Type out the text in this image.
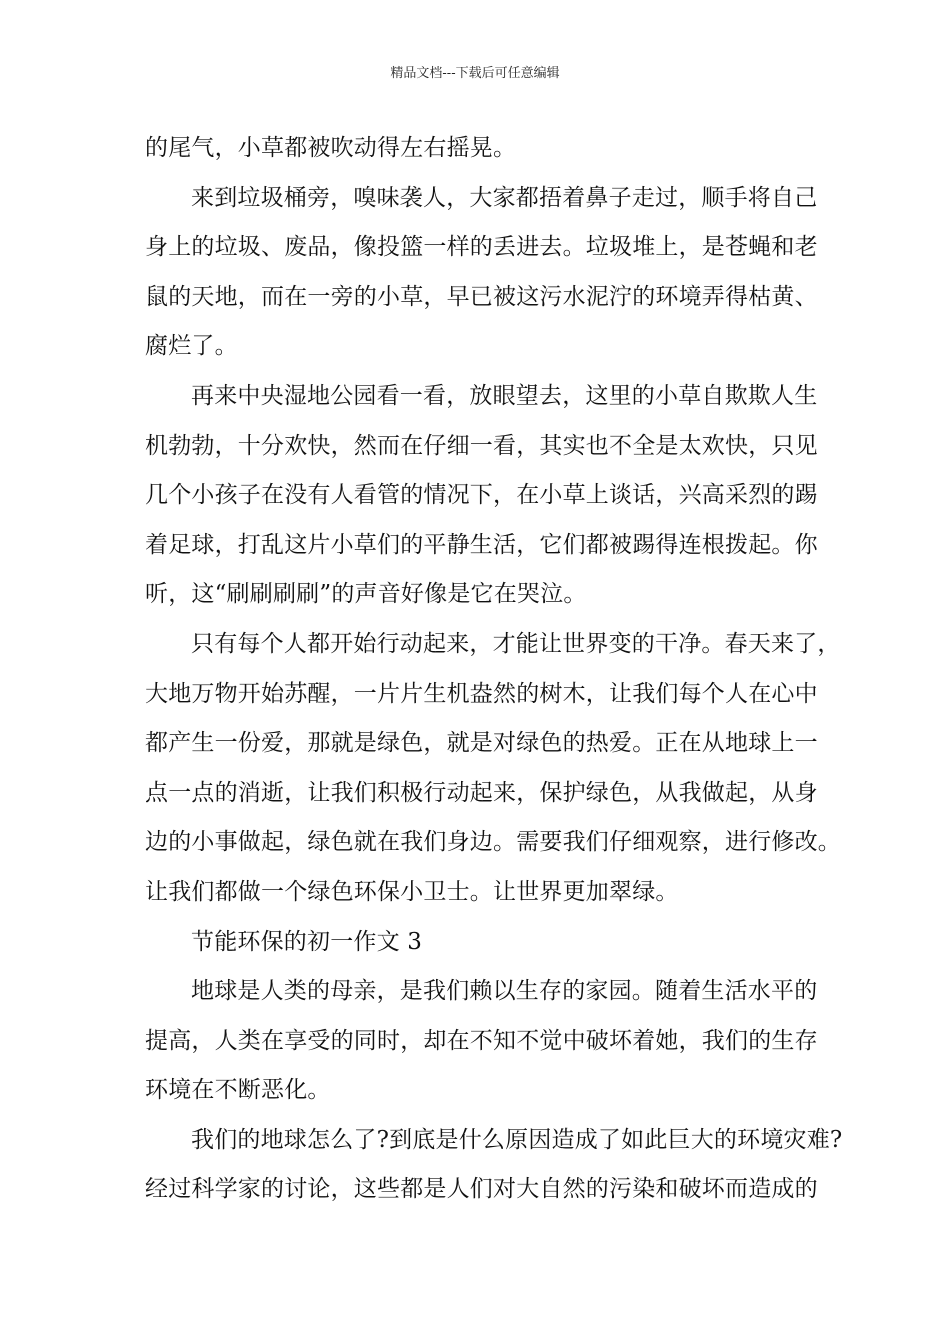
精品文档---下载后可任意编辑
的尾气，小草都被吹动得左右摇晃。
来到垃圾桶旁，嗅味袭人，大家都捂着鼻子走过，顺手将自己
身上的垃圾、废品，像投篮一样的丢进去。垃圾堆上，是苍蝇和老
鼠的天地，而在一旁的小草，早已被这污水泥泞的环境弄得枯黄、
腐烂了。
再来中央湿地公园看一看，放眼望去，这里的小草自欺欺人生
机勃勃，十分欢快，然而在仔细一看，其实也不全是太欢快，只见
几个小孩子在没有人看管的情况下，在小草上谈话，兴高采烈的踢
着足球，打乱这片小草们的平静生活，它们都被踢得连根拨起。你
听，这“刷刷刷刷”的声音好像是它在哭泣。
只有每个人都开始行动起来，才能让世界变的干净。春天来了，
大地万物开始苏醒，一片片生机盎然的树木，让我们每个人在心中
都产生一份爱，那就是绿色，就是对绿色的热爱。正在从地球上一
点一点的消逝，让我们积极行动起来，保护绿色，从我做起，从身
边的小事做起，绿色就在我们身边。需要我们仔细观察，进行修改。
让我们都做一个绿色环保小卫士。让世界更加翠绿。
节能环保的初一作文 3
地球是人类的母亲，是我们赖以生存的家园。随着生活水平的
提高，人类在享受的同时，却在不知不觉中破坏着她，我们的生存
环境在不断恶化。
我们的地球怎么了?到底是什么原因造成了如此巨大的环境灾难?
经过科学家的讨论，这些都是人们对大自然的污染和破坏而造成的
